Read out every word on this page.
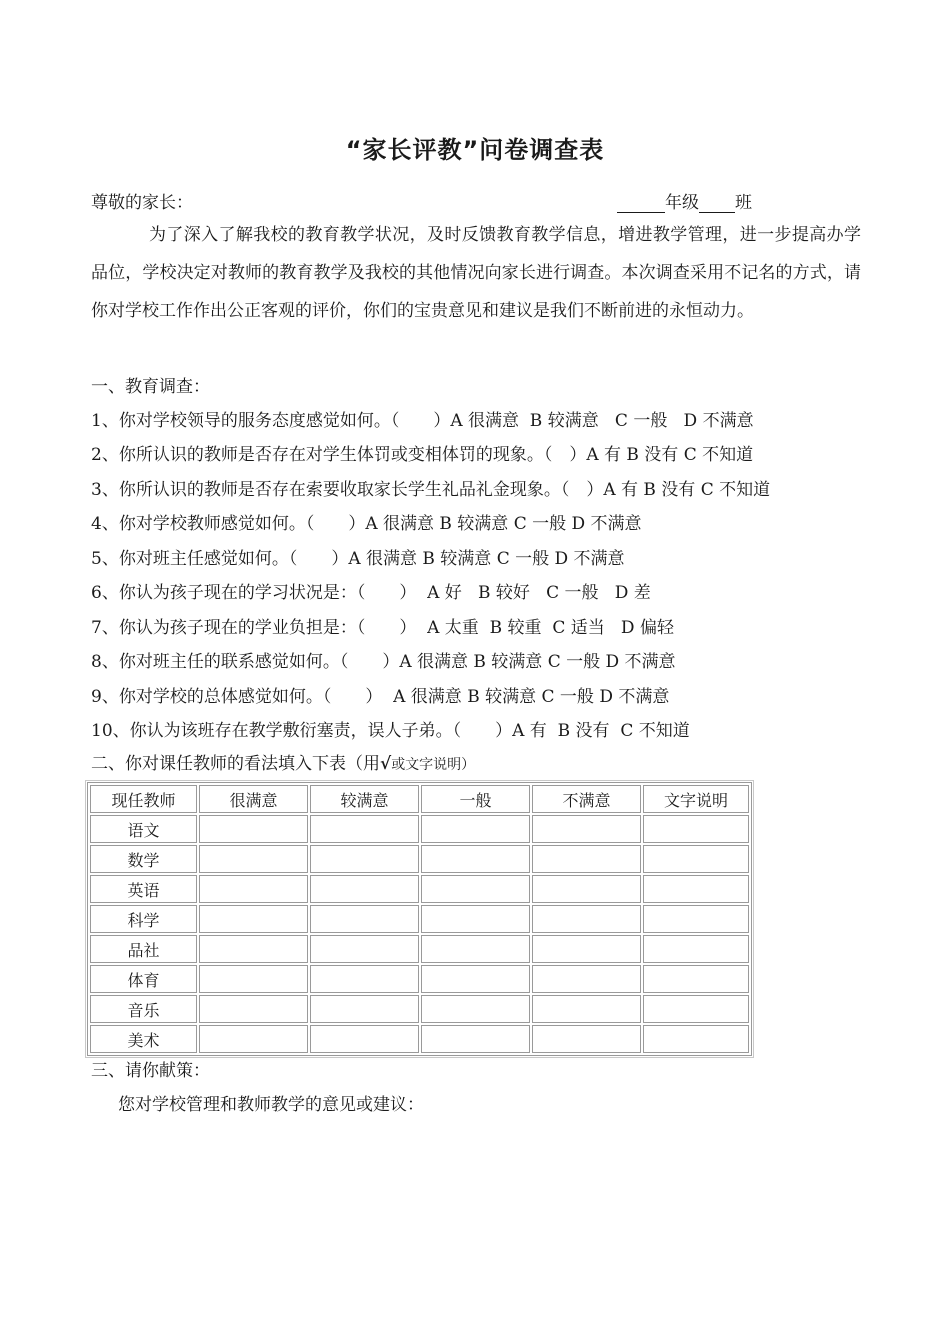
“家长评教”问卷调查表
尊敬的家长：	年级 班
为了深入了解我校的教育教学状况，及时反馈教育教学信息，增进教学管理，进一步提高办学品位，学校决定对教师的教育教学及我校的其他情况向家长进行调查。本次调查采用不记名的方式，请你对学校工作作出公正客观的评价，你们的宝贵意见和建议是我们不断前进的永恒动力。
一、教育调查：
1、你对学校领导的服务态度感觉如何。（　　）A 很满意  B 较满意   C 一般   D 不满意
2、你所认识的教师是否存在对学生体罚或变相体罚的现象。（　）A 有 B 没有 C 不知道
3、你所认识的教师是否存在索要收取家长学生礼品礼金现象。（　）A 有 B 没有 C 不知道
4、你对学校教师感觉如何。（　　）A 很满意 B 较满意 C 一般 D 不满意
5、你对班主任感觉如何。（　　）A 很满意 B 较满意 C 一般 D 不满意
6、你认为孩子现在的学习状况是：（　　）  A 好   B 较好   C 一般   D 差
7、你认为孩子现在的学业负担是：（　　）  A 太重  B 较重  C 适当   D 偏轻
8、你对班主任的联系感觉如何。（　　）A 很满意 B 较满意 C 一般 D 不满意
9、你对学校的总体感觉如何。（　　）  A 很满意 B 较满意 C 一般 D 不满意
10、你认为该班存在教学敷衍塞责，误人子弟。（　　）A 有  B 没有  C 不知道
二、你对课任教师的看法填入下表（用√或文字说明）
现任教师	很满意	较满意	一般	不满意	文字说明
语文					
数学					
英语					
科学					
品社					
体育					
音乐					
美术					
三、请你献策：
您对学校管理和教师教学的意见或建议：
